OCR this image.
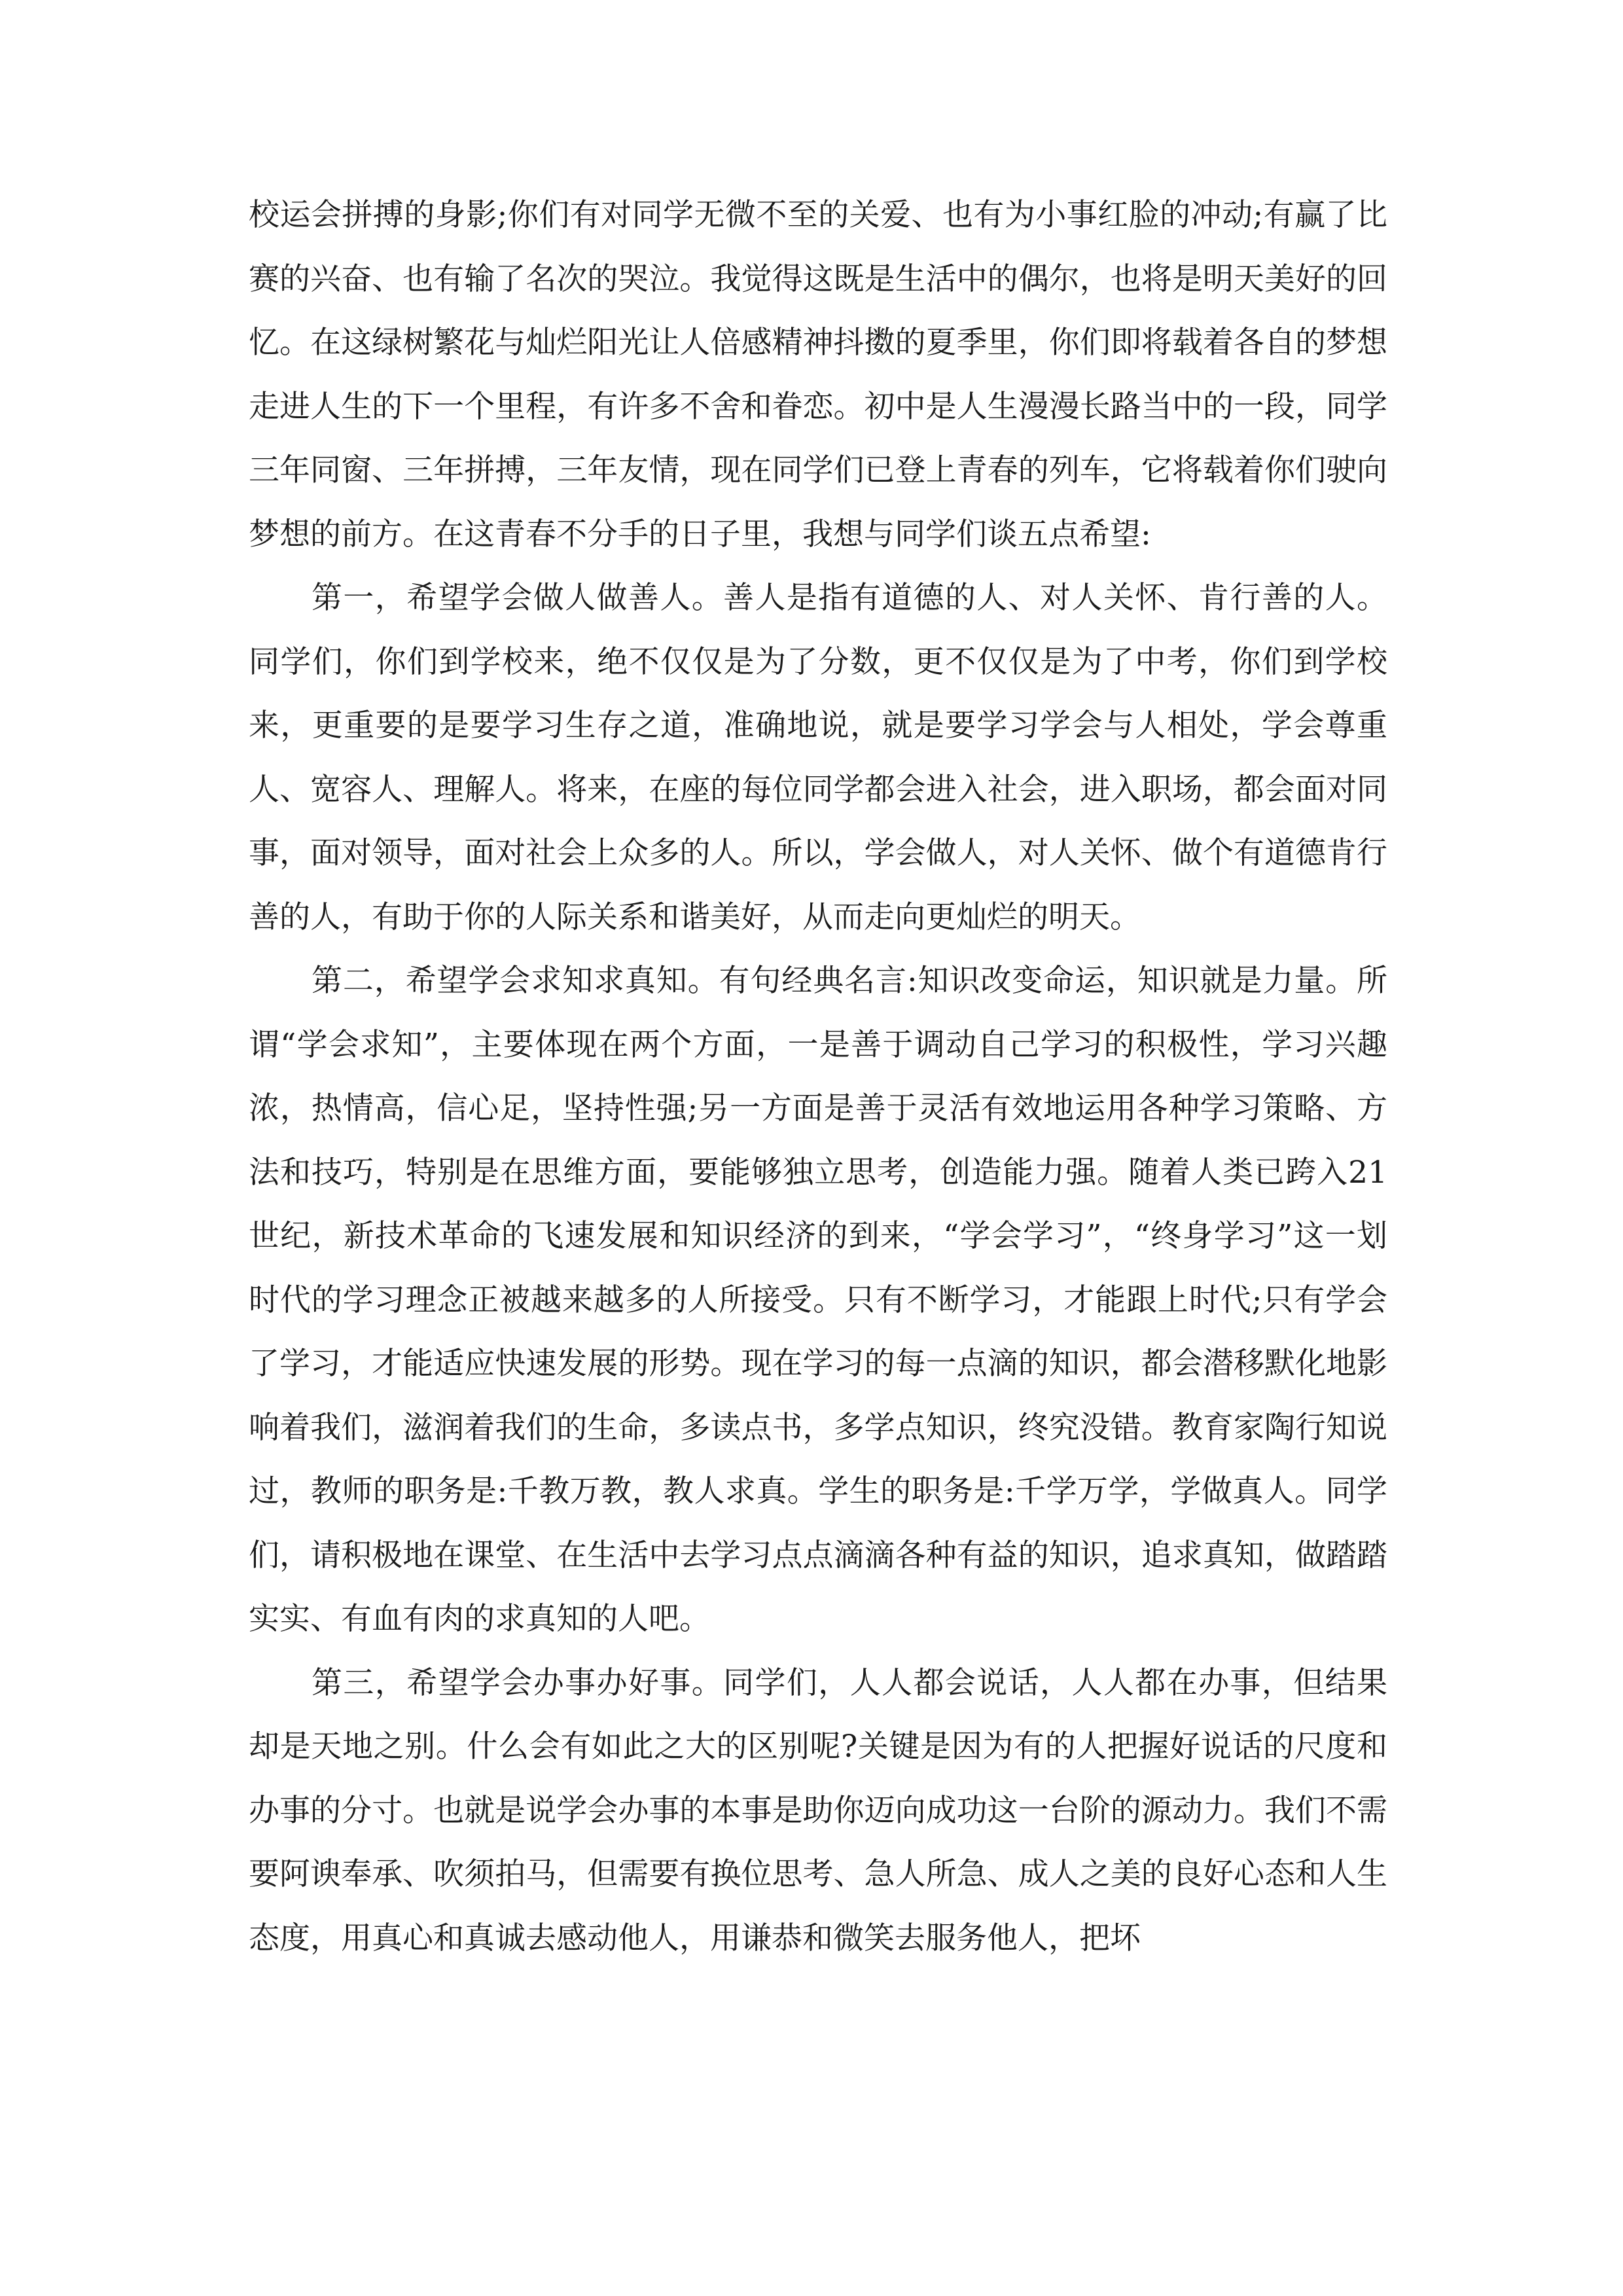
校运会拼搏的身影;你们有对同学无微不至的关爱、也有为小事红脸的冲动;有赢了比赛的兴奋、也有输了名次的哭泣。我觉得这既是生活中的偶尔，也将是明天美好的回忆。在这绿树繁花与灿烂阳光让人倍感精神抖擞的夏季里，你们即将载着各自的梦想走进人生的下一个里程，有许多不舍和眷恋。初中是人生漫漫长路当中的一段，同学三年同窗、三年拼搏，三年友情，现在同学们已登上青春的列车，它将载着你们驶向梦想的前方。在这青春不分手的日子里，我想与同学们谈五点希望:

第一，希望学会做人做善人。善人是指有道德的人、对人关怀、肯行善的人。同学们，你们到学校来，绝不仅仅是为了分数，更不仅仅是为了中考，你们到学校来，更重要的是要学习生存之道，准确地说，就是要学习学会与人相处，学会尊重人、宽容人、理解人。将来，在座的每位同学都会进入社会，进入职场，都会面对同事，面对领导，面对社会上众多的人。所以，学会做人，对人关怀、做个有道德肯行善的人，有助于你的人际关系和谐美好，从而走向更灿烂的明天。

第二，希望学会求知求真知。有句经典名言:知识改变命运，知识就是力量。所谓“学会求知”，主要体现在两个方面，一是善于调动自己学习的积极性，学习兴趣浓，热情高，信心足，坚持性强;另一方面是善于灵活有效地运用各种学习策略、方法和技巧，特别是在思维方面，要能够独立思考，创造能力强。随着人类已跨入21世纪，新技术革命的飞速发展和知识经济的到来，“学会学习”，“终身学习”这一划时代的学习理念正被越来越多的人所接受。只有不断学习，才能跟上时代;只有学会了学习，才能适应快速发展的形势。现在学习的每一点滴的知识，都会潜移默化地影响着我们，滋润着我们的生命，多读点书，多学点知识，终究没错。教育家陶行知说过，教师的职务是:千教万教，教人求真。学生的职务是:千学万学，学做真人。同学们，请积极地在课堂、在生活中去学习点点滴滴各种有益的知识，追求真知，做踏踏实实、有血有肉的求真知的人吧。

第三，希望学会办事办好事。同学们，人人都会说话，人人都在办事，但结果却是天地之别。什么会有如此之大的区别呢?关键是因为有的人把握好说话的尺度和办事的分寸。也就是说学会办事的本事是助你迈向成功这一台阶的源动力。我们不需要阿谀奉承、吹须拍马，但需要有换位思考、急人所急、成人之美的良好心态和人生态度，用真心和真诚去感动他人，用谦恭和微笑去服务他人，把坏
